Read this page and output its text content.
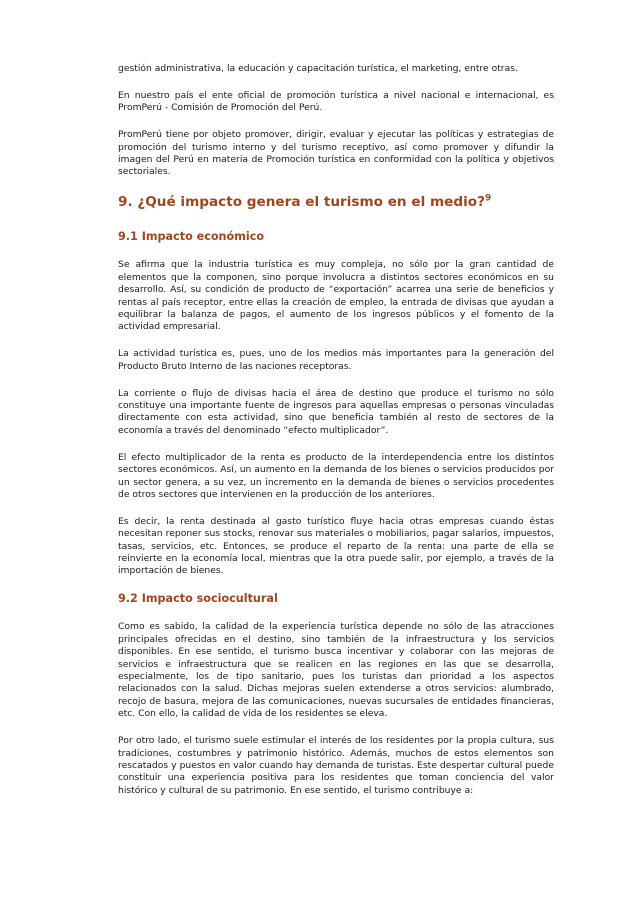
gestión administrativa, la educación y capacitación turística, el marketing, entre otras.

En nuestro país el ente oficial de promoción turística a nivel nacional e internacional, es PromPerú - Comisión de Promoción del Perú.

PromPerú tiene por objeto promover, dirigir, evaluar y ejecutar las políticas y estrategias de promoción del turismo interno y del turismo receptivo, así como promover y difundir la imagen del Perú en materia de Promoción turística en conformidad con la política y objetivos sectoriales.

9. ¿Qué impacto genera el turismo en el medio?$^9$
9.1 Impacto económico

Se afirma que la industria turística es muy compleja, no sólo por la gran cantidad de elementos que la componen, sino porque involucra a distintos sectores económicos en su desarrollo. Así, su condición de producto de “exportación” acarrea una serie de beneficios y rentas al país receptor, entre ellas la creación de empleo, la entrada de divisas que ayudan a equilibrar la balanza de pagos, el aumento de los ingresos públicos y el fomento de la actividad empresarial.

La actividad turística es, pues, uno de los medios más importantes para la generación del Producto Bruto Interno de las naciones receptoras.

La corriente o flujo de divisas hacia el área de destino que produce el turismo no sólo constituye una importante fuente de ingresos para aquellas empresas o personas vinculadas directamente con esta actividad, sino que beneficia también al resto de sectores de la economía a través del denominado “efecto multiplicador”.

El efecto multiplicador de la renta es producto de la interdependencia entre los distintos sectores económicos. Así, un aumento en la demanda de los bienes o servicios producidos por un sector genera, a su vez, un incremento en la demanda de bienes o servicios procedentes de otros sectores que intervienen en la producción de los anteriores.

Es decir, la renta destinada al gasto turístico fluye hacia otras empresas cuando éstas necesitan reponer sus stocks, renovar sus materiales o mobiliarios, pagar salarios, impuestos, tasas, servicios, etc. Entonces, se produce el reparto de la renta: una parte de ella se reinvierte en la economía local, mientras que la otra puede salir, por ejemplo, a través de la importación de bienes.

9.2 Impacto sociocultural

Como es sabido, la calidad de la experiencia turística depende no sólo de las atracciones principales ofrecidas en el destino, sino también de la infraestructura y los servicios disponibles. En ese sentido, el turismo busca incentivar y colaborar con las mejoras de servicios e infraestructura que se realicen en las regiones en las que se desarrolla, especialmente, los de tipo sanitario, pues los turistas dan prioridad a los aspectos relacionados con la salud. Dichas mejoras suelen extenderse a otros servicios: alumbrado, recojo de basura, mejora de las comunicaciones, nuevas sucursales de entidades financieras, etc. Con ello, la calidad de vida de los residentes se eleva.

Por otro lado, el turismo suele estimular el interés de los residentes por la propia cultura, sus tradiciones, costumbres y patrimonio histórico. Además, muchos de estos elementos son rescatados y puestos en valor cuando hay demanda de turistas. Este despertar cultural puede constituir una experiencia positiva para los residentes que toman conciencia del valor histórico y cultural de su patrimonio. En ese sentido, el turismo contribuye a:
